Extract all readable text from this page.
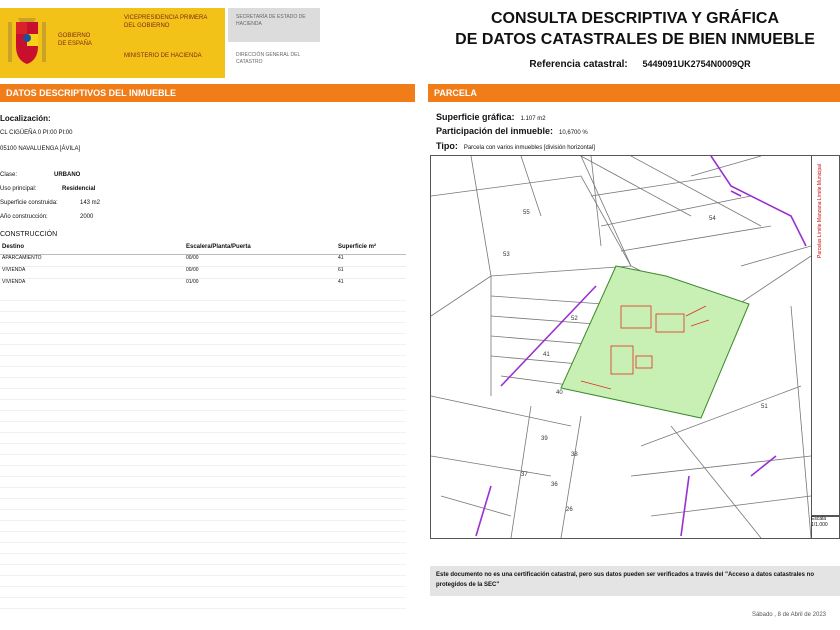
GOBIERNO
DE ESPAÑA
VICEPRESIDENCIA PRIMERA DEL GOBIERNO
MINISTERIO DE HACIENDA
SECRETARÍA DE ESTADO DE HACIENDA
DIRECCIÓN GENERAL DEL CATASTRO
CONSULTA DESCRIPTIVA Y GRÁFICA
DE DATOS CATASTRALES DE BIEN INMUEBLE
Referencia catastral: 5449091UK2754N0009QR
DATOS DESCRIPTIVOS DEL INMUEBLE	PARCELA
Localización:
CL CIGÜEÑA 0 PI:00 PI:00
05100 NAVALUENGA [ÁVILA]
Clase:	URBANO
Uso principal:	Residencial
Superficie construida:	143 m2
Año construcción:	2000
CONSTRUCCIÓN
Destino	Escalera/Planta/Puerta	Superficie m²
APARCAMIENTO	00/00	41
VIVIENDA	00/00	61
VIVIENDA	01/00	41
Superficie gráfica: 1.107 m2
Participación del inmueble: 10,6700 %
Tipo: Parcela con varios inmuebles [división horizontal]
55
54
53
52
51
41
40
39
38
37
36
26
Parcelas Límite Manzana Límite Municipal
Escala 1/1.000
Este documento no es una certificación catastral, pero sus datos pueden ser verificados a través del "Acceso a datos catastrales no protegidos de la SEC"
Sábado , 8 de Abril de 2023
